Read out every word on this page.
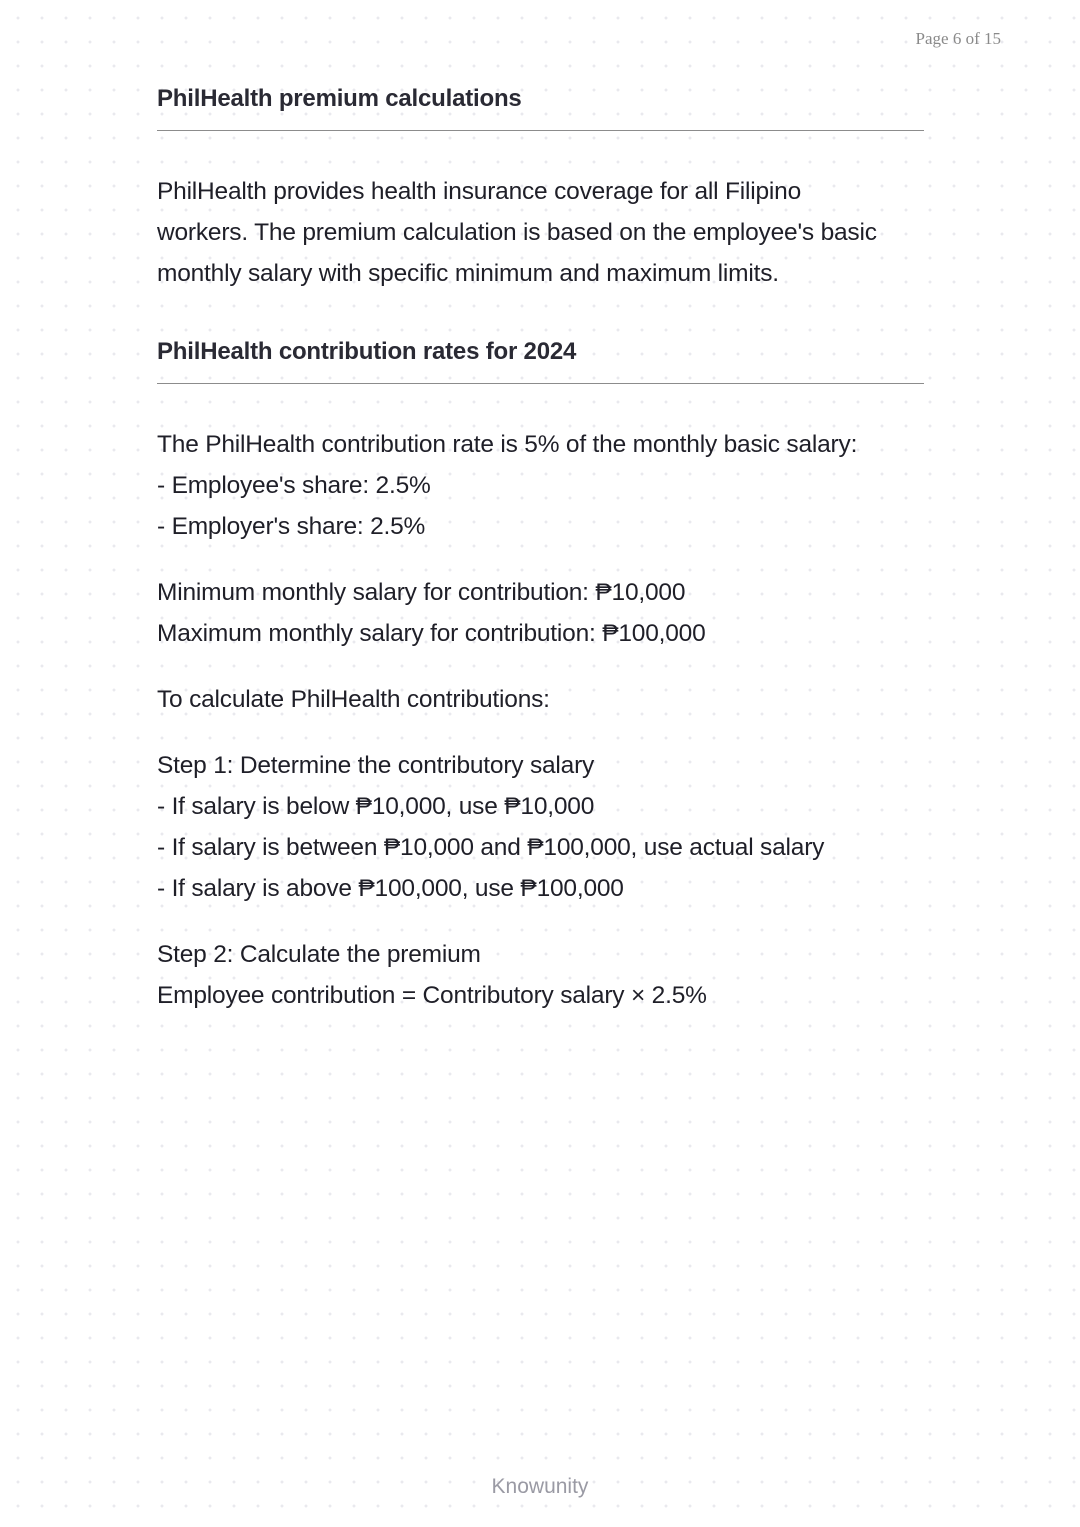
Page 6 of 15
PhilHealth premium calculations

PhilHealth provides health insurance coverage for all Filipino
workers. The premium calculation is based on the employee's basic
monthly salary with specific minimum and maximum limits.

PhilHealth contribution rates for 2024

The PhilHealth contribution rate is 5% of the monthly basic salary:
- Employee's share: 2.5%
- Employer's share: 2.5%

Minimum monthly salary for contribution: ₱10,000
Maximum monthly salary for contribution: ₱100,000

To calculate PhilHealth contributions:

Step 1: Determine the contributory salary
- If salary is below ₱10,000, use ₱10,000
- If salary is between ₱10,000 and ₱100,000, use actual salary
- If salary is above ₱100,000, use ₱100,000

Step 2: Calculate the premium
Employee contribution = Contributory salary × 2.5%

Knowunity
